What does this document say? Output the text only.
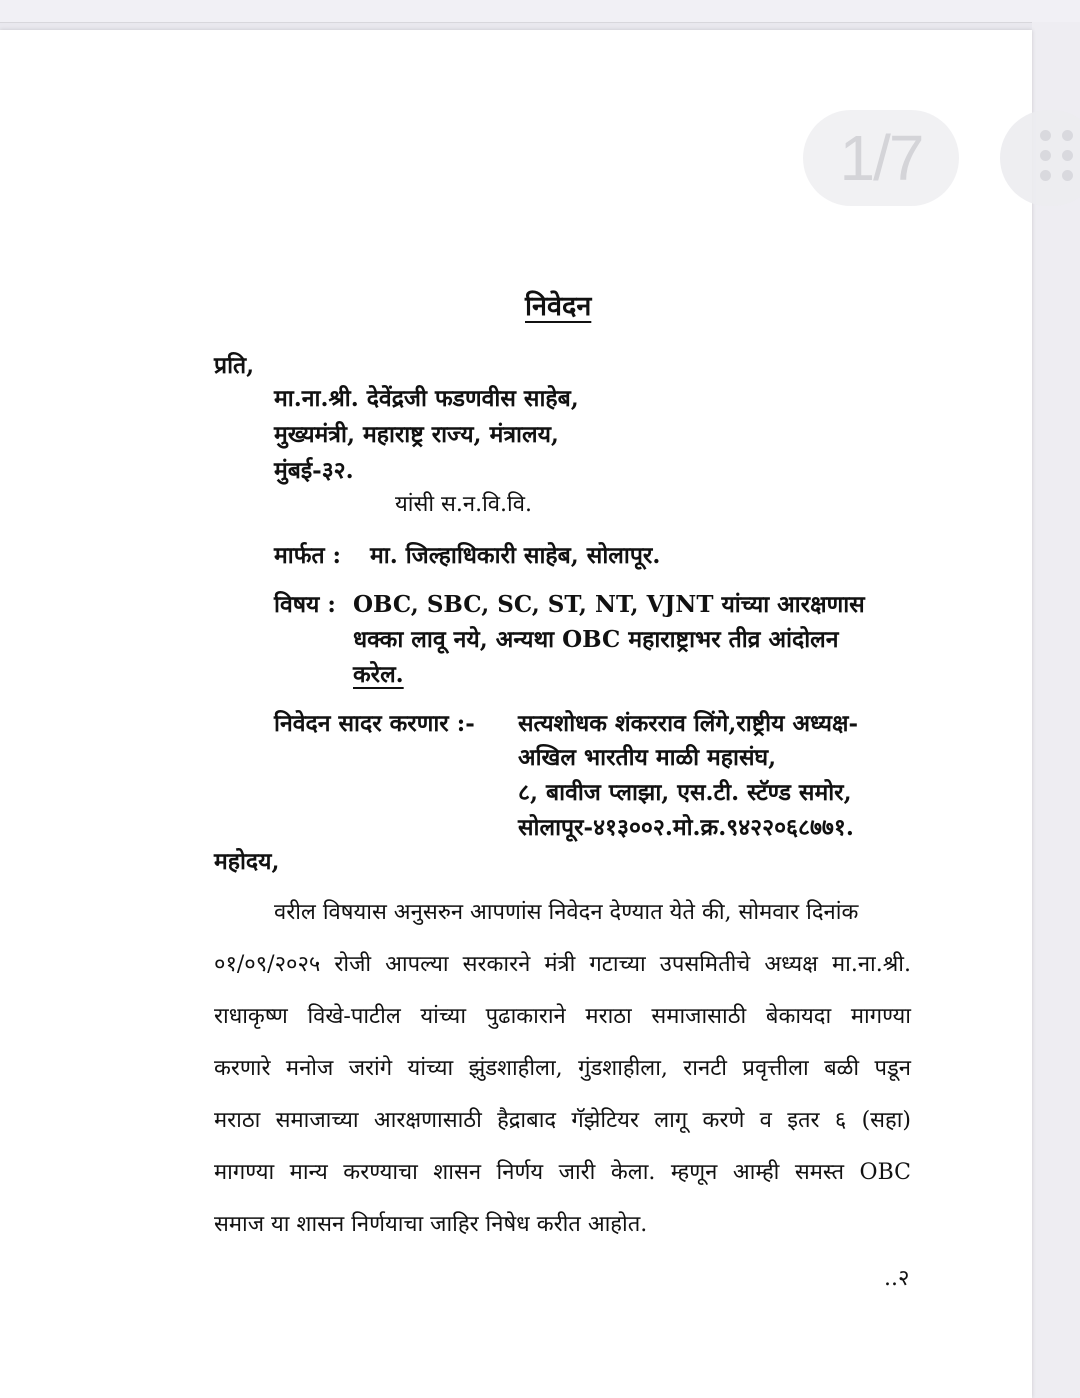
निवेदन
प्रति,
मा.ना.श्री. देवेंद्रजी फडणवीस साहेब,
मुख्यमंत्री, महाराष्ट्र राज्य, मंत्रालय,
मुंबई-३२.
यांसी स.न.वि.वि.
मार्फत : मा. जिल्हाधिकारी साहेब, सोलापूर.
विषय : OBC, SBC, SC, ST, NT, VJNT यांच्या आरक्षणास
धक्का लावू नये, अन्यथा OBC महाराष्ट्राभर तीव्र आंदोलन
करेल.
निवेदन सादर करणार :- सत्यशोधक शंकरराव लिंगे,राष्ट्रीय अध्यक्ष-
अखिल भारतीय माळी महासंघ,
८, बावीज प्लाझा, एस.टी. स्टॅण्ड समोर,
सोलापूर-४१३००२.मो.क्र.९४२२०६८७७१.
महोदय,
वरील विषयास अनुसरुन आपणांस निवेदन देण्यात येते की, सोमवार दिनांक
०१/०९/२०२५ रोजी आपल्या सरकारने मंत्री गटाच्या उपसमितीचे अध्यक्ष मा.ना.श्री.
राधाकृष्ण विखे-पाटील यांच्या पुढाकाराने मराठा समाजासाठी बेकायदा मागण्या
करणारे मनोज जरांगे यांच्या झुंडशाहीला, गुंडशाहीला, रानटी प्रवृत्तीला बळी पडून
मराठा समाजाच्या आरक्षणासाठी हैद्राबाद गॅझेटियर लागू करणे व इतर ६ (सहा)
मागण्या मान्य करण्याचा शासन निर्णय जारी केला. म्हणून आम्ही समस्त OBC
समाज या शासन निर्णयाचा जाहिर निषेध करीत आहोत.
..२
1/7
